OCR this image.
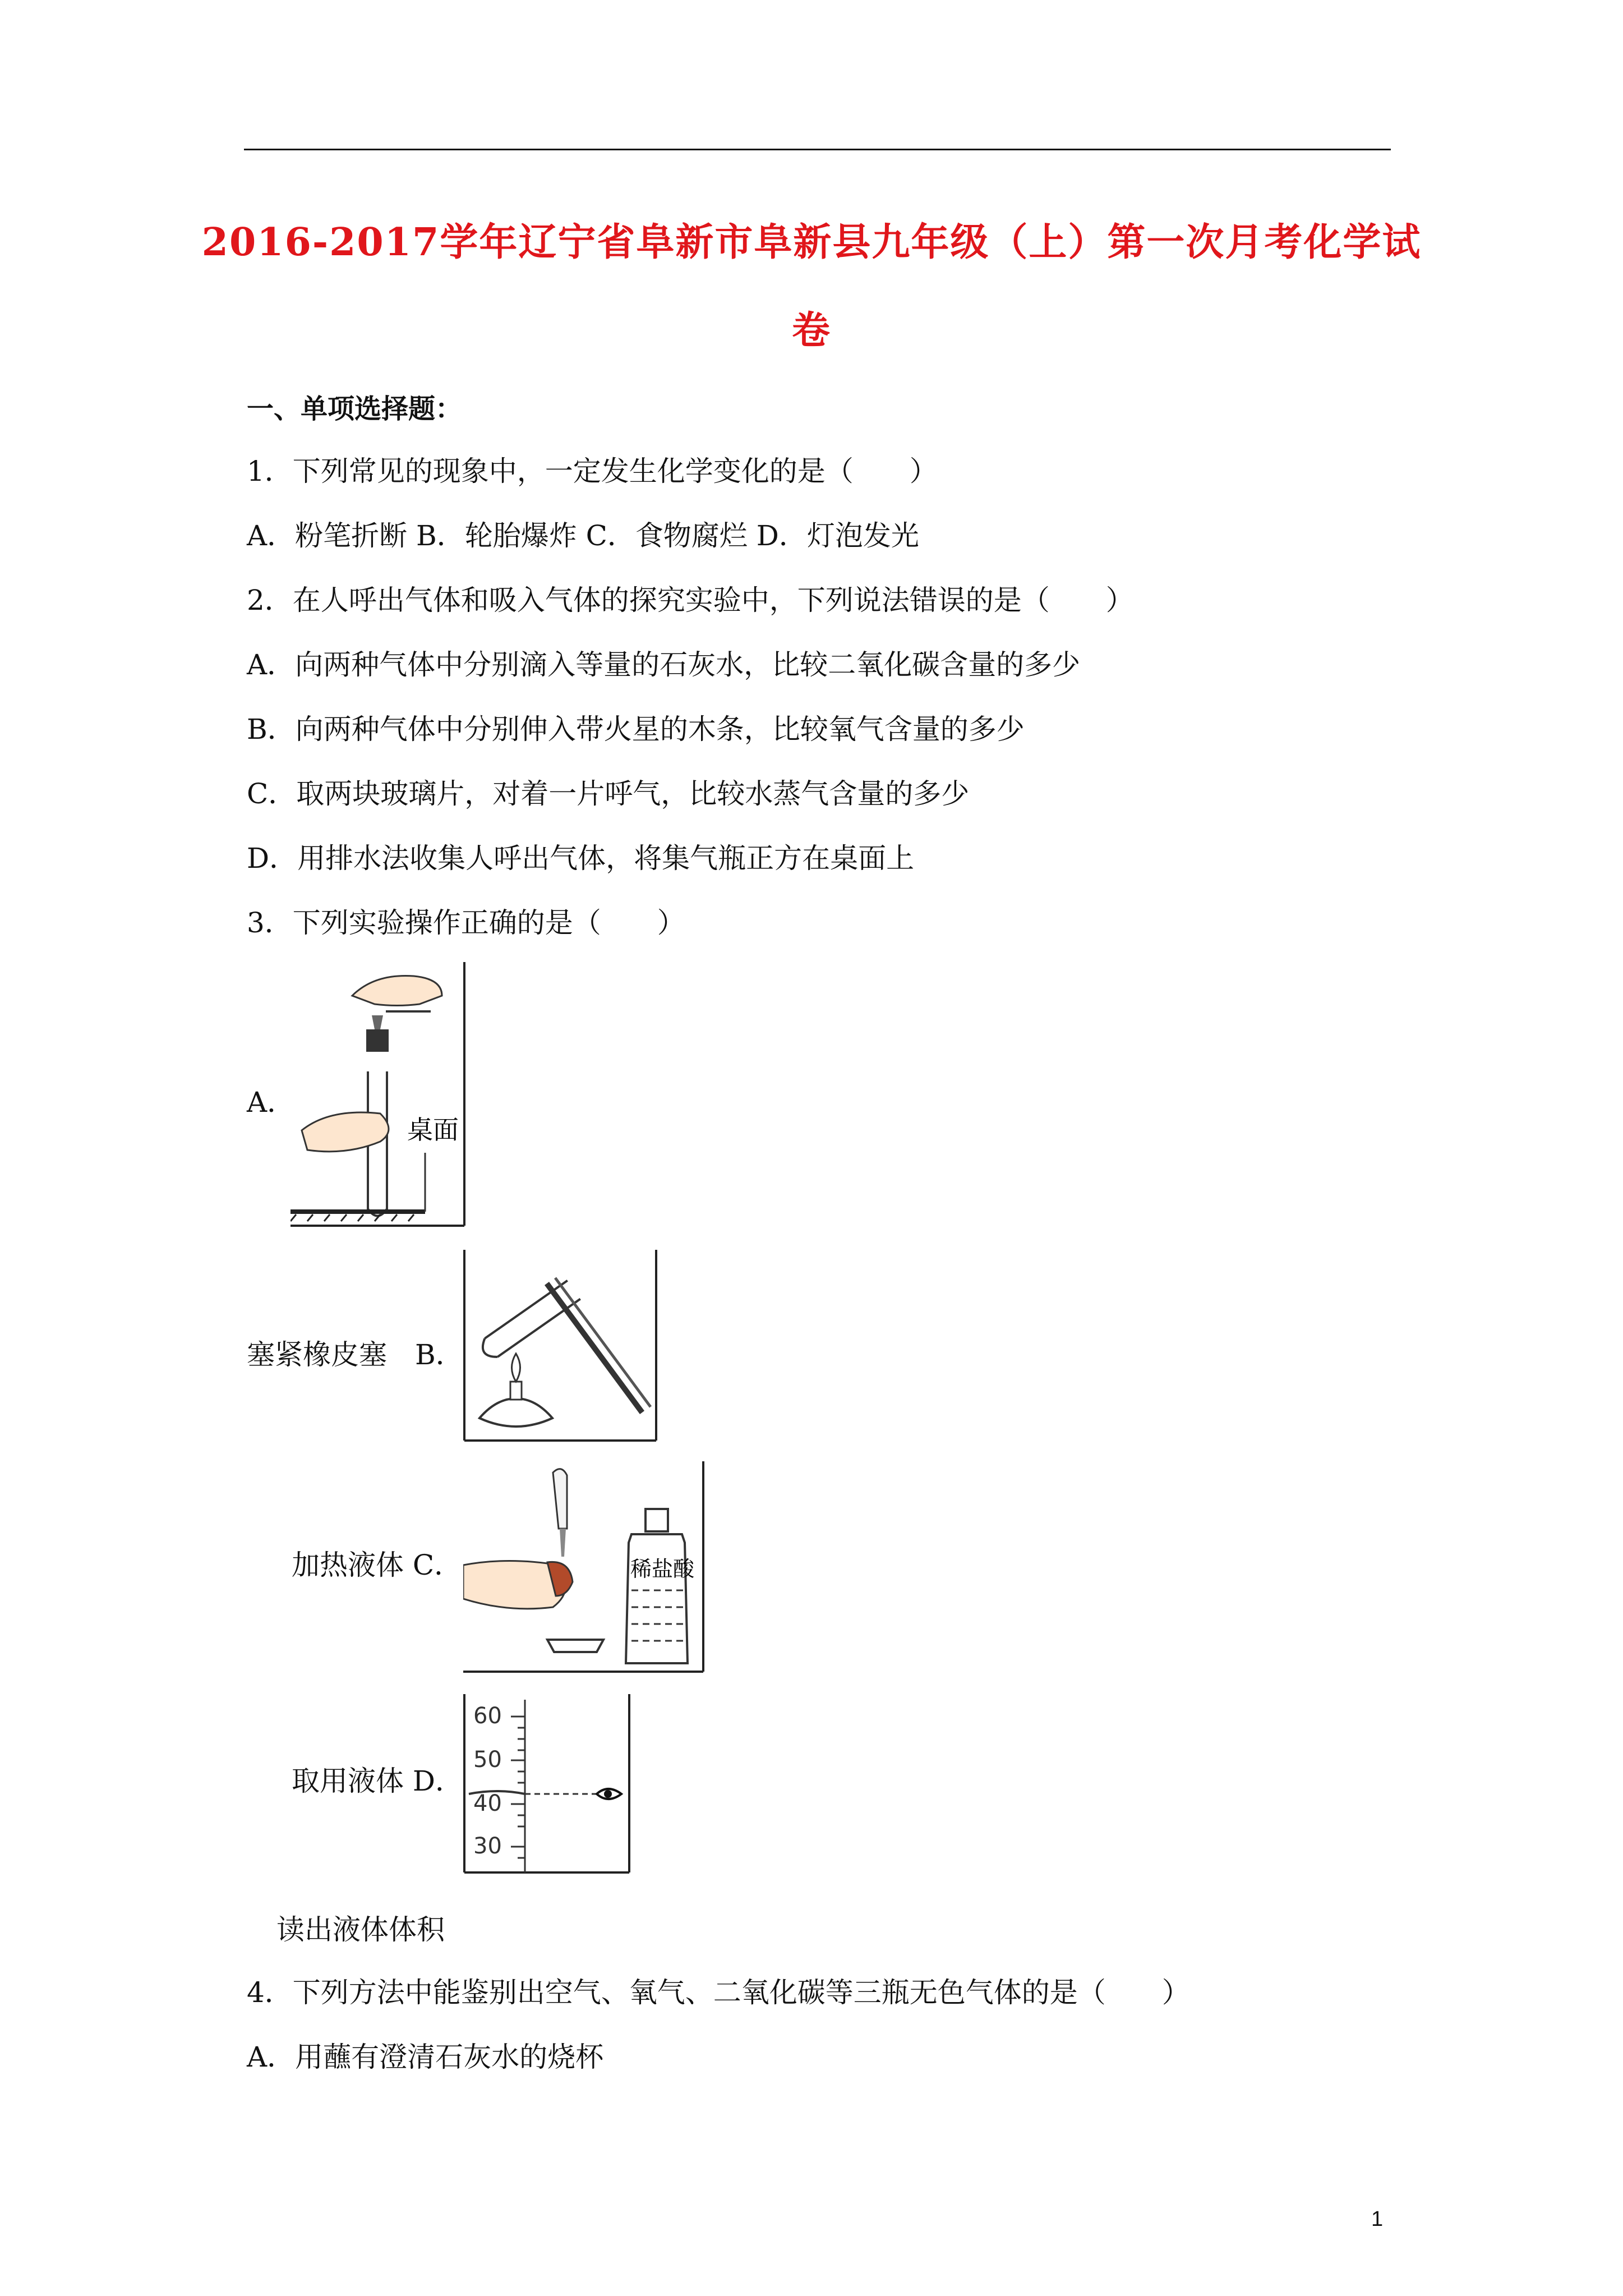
2016-2017学年辽宁省阜新市阜新县九年级（上）第一次月考化学试
卷
一、单项选择题：
1．下列常见的现象中，一定发生化学变化的是（　　）
A．粉笔折断 B．轮胎爆炸 C．食物腐烂 D．灯泡发光
2．在人呼出气体和吸入气体的探究实验中，下列说法错误的是（　　）
A．向两种气体中分别滴入等量的石灰水，比较二氧化碳含量的多少
B．向两种气体中分别伸入带火星的木条，比较氧气含量的多少
C．取两块玻璃片，对着一片呼气，比较水蒸气含量的多少
D．用排水法收集人呼出气体，将集气瓶正方在桌面上
3．下列实验操作正确的是（　　）
A．
桌面
塞紧橡皮塞　B．
加热液体 C．	稀盐酸
取用液体 D．
60
50
40
30
读出液体体积
4．下列方法中能鉴别出空气、氧气、二氧化碳等三瓶无色气体的是（　　）
A．用蘸有澄清石灰水的烧杯
1
